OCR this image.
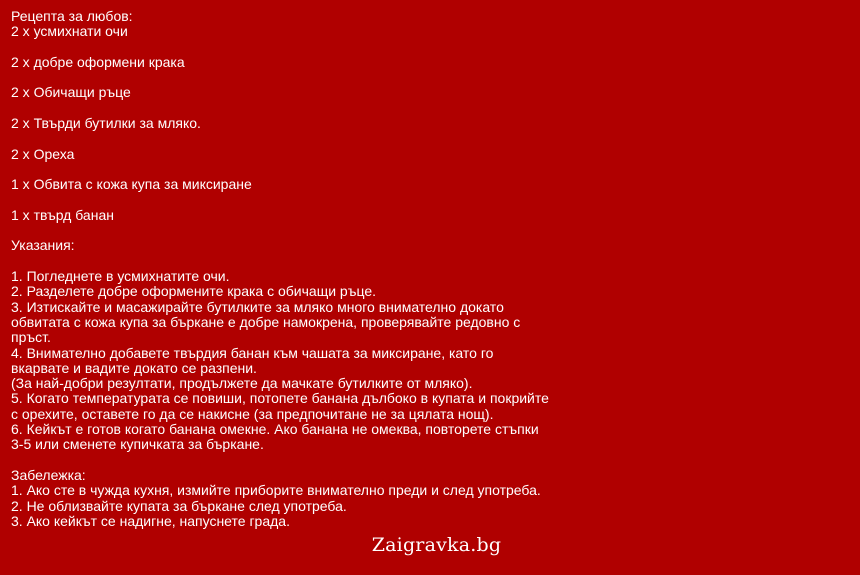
Рецепта за любов:
2 х усмихнати очи
2 х добре оформени крака
2 х Обичащи ръце
2 х Твърди бутилки за мляко.
2 х Ореха
1 х Обвита с кожа купа за миксиране
1 х твърд банан
Указания:
1. Погледнете в усмихнатите очи.
2. Разделете добре оформените крака с обичащи ръце.
3. Изтискайте и масажирайте бутилките за мляко много внимателно докато
обвитата с кожа купа за бъркане е добре намокрена, проверявайте редовно с
пръст.
4. Внимателно добавете твърдия банан към чашата за миксиране, като го
вкарвате и вадите докато се разпени.
(За най-добри резултати, продължете да мачкате бутилките от мляко).
5. Когато температурата се повиши, потопете банана дълбоко в купата и покрийте
с орехите, оставете го да се накисне (за предпочитане не за цялата нощ).
6. Кейкът е готов когато банана омекне. Ако банана не омеква, повторете стъпки
3-5 или сменете купичката за бъркане.
Забележка:
1. Ако сте в чужда кухня, измийте приборите внимателно преди и след употреба.
2. Не облизвайте купата за бъркане след употреба.
3. Ако кейкът се надигне, напуснете града.
Zaigravka.bg
